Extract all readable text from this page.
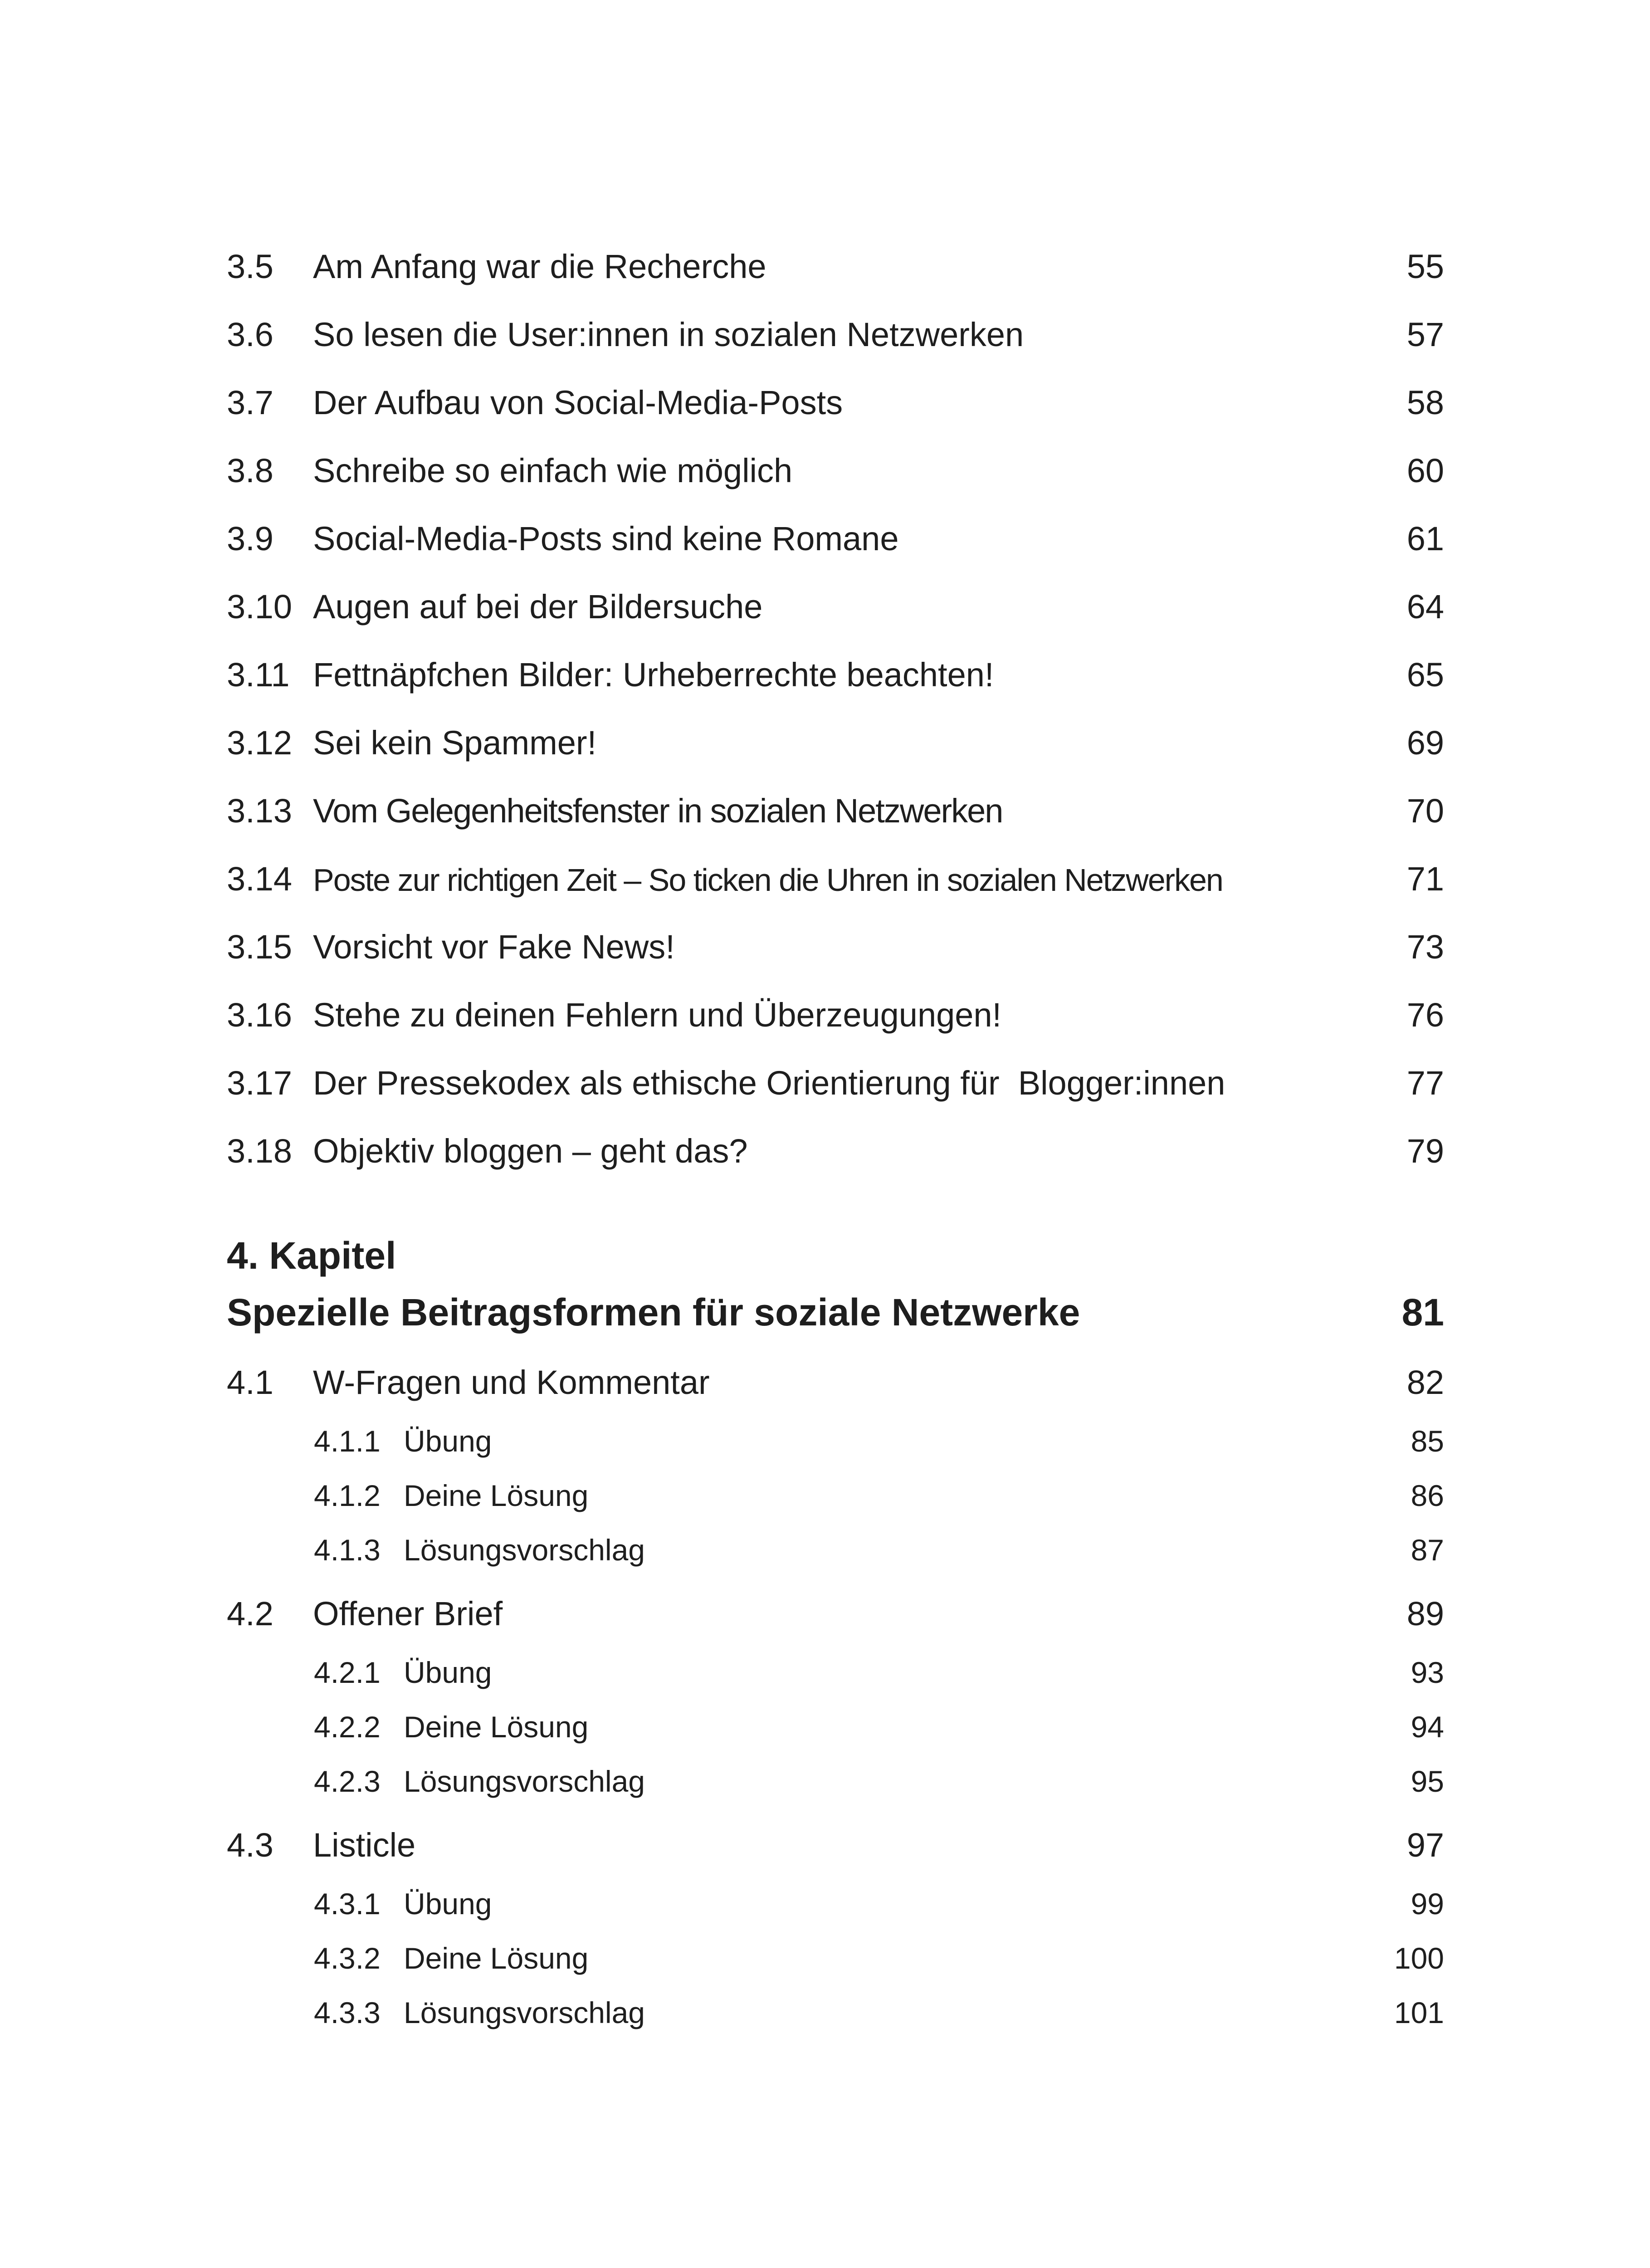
3.5 Am Anfang war die Recherche	55
3.6 So lesen die User:innen in sozialen Netzwerken	57
3.7 Der Aufbau von Social-Media-Posts	58
3.8 Schreibe so einfach wie möglich	60
3.9 Social-Media-Posts sind keine Romane	61
3.10 Augen auf bei der Bildersuche	64
3.11 Fettnäpfchen Bilder: Urheberrechte beachten!	65
3.12 Sei kein Spammer!	69
3.13 Vom Gelegenheitsfenster in sozialen Netzwerken	70
3.14 Poste zur richtigen Zeit – So ticken die Uhren in sozialen Netzwerken	71
3.15 Vorsicht vor Fake News!	73
3.16 Stehe zu deinen Fehlern und Überzeugungen!	76
3.17 Der Pressekodex als ethische Orientierung für  Blogger:innen	77
3.18 Objektiv bloggen – geht das?	79
4. Kapitel
Spezielle Beitragsformen für soziale Netzwerke	81
4.1 W-Fragen und Kommentar	82
4.1.1 Übung	85
4.1.2 Deine Lösung	86
4.1.3 Lösungsvorschlag	87
4.2 Offener Brief	89
4.2.1 Übung	93
4.2.2 Deine Lösung	94
4.2.3 Lösungsvorschlag	95
4.3 Listicle	97
4.3.1 Übung	99
4.3.2 Deine Lösung	100
4.3.3 Lösungsvorschlag	101
